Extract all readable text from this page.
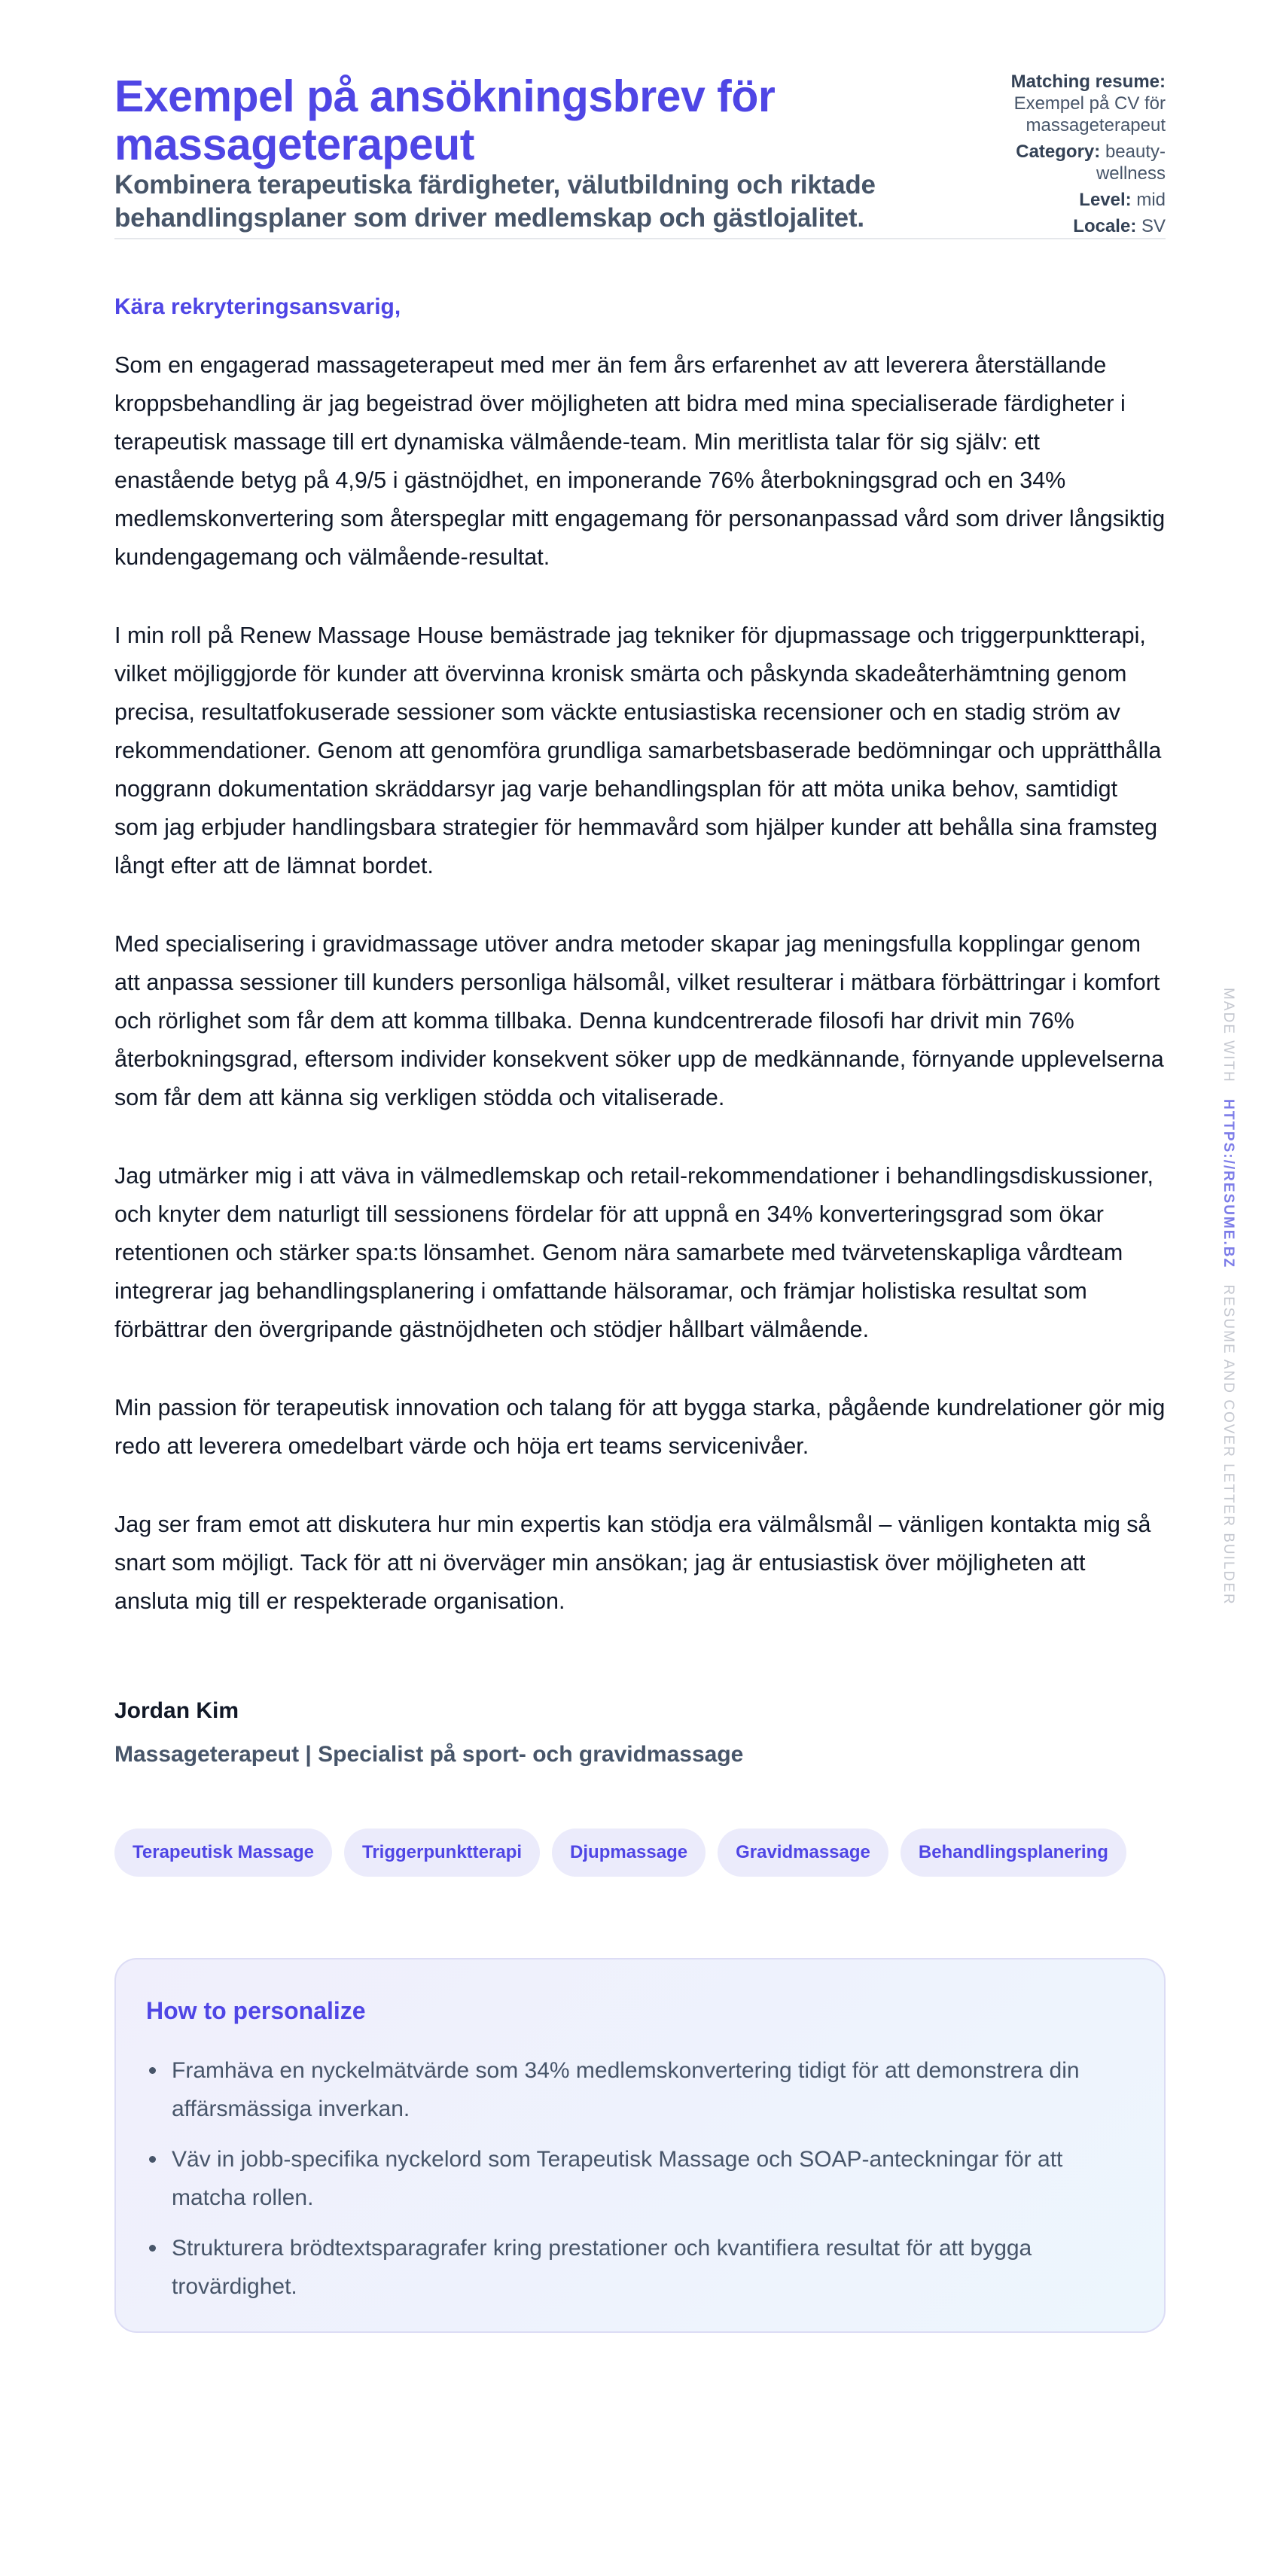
Exempel på ansökningsbrev för massageterapeut

Kombinera terapeutiska färdigheter, välutbildning och riktade behandlingsplaner som driver medlemskap och gästlojalitet.

Matching resume: Exempel på CV för massageterapeut
Category: beauty-wellness
Level: mid
Locale: SV

Kära rekryteringsansvarig,

Som en engagerad massageterapeut med mer än fem års erfarenhet av att leverera återställande kroppsbehandling är jag begeistrad över möjligheten att bidra med mina specialiserade färdigheter i terapeutisk massage till ert dynamiska välmående-team. Min meritlista talar för sig själv: ett enastående betyg på 4,9/5 i gästnöjdhet, en imponerande 76% återbokningsgrad och en 34% medlemskonvertering som återspeglar mitt engagemang för personanpassad vård som driver långsiktig kundengagemang och välmående-resultat.

I min roll på Renew Massage House bemästrade jag tekniker för djupmassage och triggerpunktterapi, vilket möjliggjorde för kunder att övervinna kronisk smärta och påskynda skadeåterhämtning genom precisa, resultatfokuserade sessioner som väckte entusiastiska recensioner och en stadig ström av rekommendationer. Genom att genomföra grundliga samarbetsbaserade bedömningar och upprätthålla noggrann dokumentation skräddarsyr jag varje behandlingsplan för att möta unika behov, samtidigt som jag erbjuder handlingsbara strategier för hemmavård som hjälper kunder att behålla sina framsteg långt efter att de lämnat bordet.

Med specialisering i gravidmassage utöver andra metoder skapar jag meningsfulla kopplingar genom att anpassa sessioner till kunders personliga hälsomål, vilket resulterar i mätbara förbättringar i komfort och rörlighet som får dem att komma tillbaka. Denna kundcentrerade filosofi har drivit min 76% återbokningsgrad, eftersom individer konsekvent söker upp de medkännande, förnyande upplevelserna som får dem att känna sig verkligen stödda och vitaliserade.

Jag utmärker mig i att väva in välmedlemskap och retail-rekommendationer i behandlingsdiskussioner, och knyter dem naturligt till sessionens fördelar för att uppnå en 34% konverteringsgrad som ökar retentionen och stärker spa:ts lönsamhet. Genom nära samarbete med tvärvetenskapliga vårdteam integrerar jag behandlingsplanering i omfattande hälsoramar, och främjar holistiska resultat som förbättrar den övergripande gästnöjdheten och stödjer hållbart välmående.

Min passion för terapeutisk innovation och talang för att bygga starka, pågående kundrelationer gör mig redo att leverera omedelbart värde och höja ert teams servicenivåer.

Jag ser fram emot att diskutera hur min expertis kan stödja era välmålsmål – vänligen kontakta mig så snart som möjligt. Tack för att ni överväger min ansökan; jag är entusiastisk över möjligheten att ansluta mig till er respekterade organisation.

Jordan Kim
Massageterapeut | Specialist på sport- och gravidmassage
Terapeutisk Massage	Triggerpunktterapi	Djupmassage	Gravidmassage	Behandlingsplanering
How to personalize
Framhäva en nyckelmätvärde som 34% medlemskonvertering tidigt för att demonstrera din affärsmässiga inverkan.
Väv in jobb-specifika nyckelord som Terapeutisk Massage och SOAP-anteckningar för att matcha rollen.
Strukturera brödtextsparagrafer kring prestationer och kvantifiera resultat för att bygga trovärdighet.
MADE WITH HTTPS://RESUME.BZ RESUME AND COVER LETTER BUILDER
